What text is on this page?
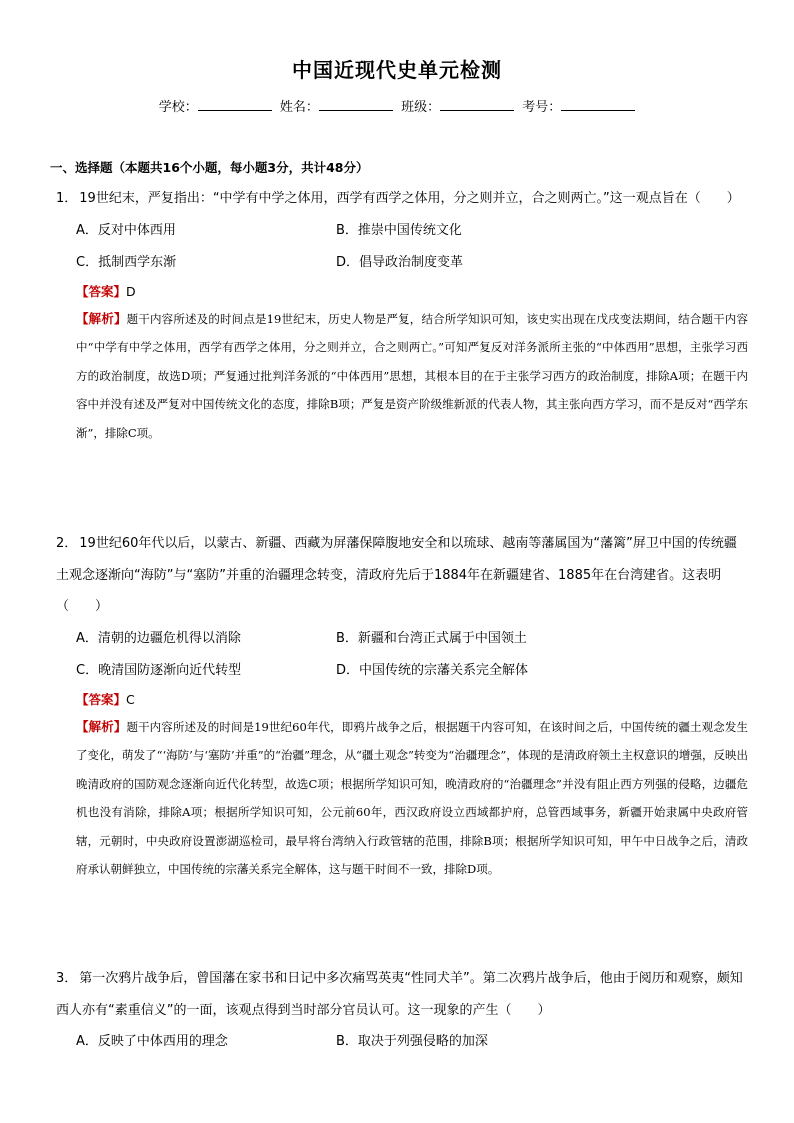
中国近现代史单元检测
学校：	姓名：	班级：	考号：
一、选择题（本题共16个小题，每小题3分，共计48分）
1． 19世纪末，严复指出：“中学有中学之体用，西学有西学之体用，分之则并立，合之则两亡。”这一观点旨在（　　）
A．反对中体西用	B．推崇中国传统文化
C．抵制西学东渐	D．倡导政治制度变革
【答案】D
【解析】题干内容所述及的时间点是19世纪末，历史人物是严复，结合所学知识可知，该史实出现在戊戌变法期间，结合题干内容中“中学有中学之体用，西学有西学之体用，分之则并立，合之则两亡。”可知严复反对洋务派所主张的“中体西用”思想，主张学习西方的政治制度，故选D项；严复通过批判洋务派的“中体西用”思想，其根本目的在于主张学习西方的政治制度，排除A项；在题干内容中并没有述及严复对中国传统文化的态度，排除B项；严复是资产阶级维新派的代表人物，其主张向西方学习，而不是反对“西学东渐”，排除C项。
2． 19世纪60年代以后，以蒙古、新疆、西藏为屏藩保障腹地安全和以琉球、越南等藩属国为“藩篱”屏卫中国的传统疆土观念逐渐向“海防”与“塞防”并重的治疆理念转变，清政府先后于1884年在新疆建省、1885年在台湾建省。这表明（　　）
A．清朝的边疆危机得以消除	B．新疆和台湾正式属于中国领土
C．晚清国防逐渐向近代转型	D．中国传统的宗藩关系完全解体
【答案】C
【解析】题干内容所述及的时间是19世纪60年代，即鸦片战争之后，根据题干内容可知，在该时间之后，中国传统的疆土观念发生了变化，萌发了“‘海防’与‘塞防’并重”的“治疆”理念，从“疆土观念”转变为“治疆理念”，体现的是清政府领土主权意识的增强，反映出晚清政府的国防观念逐渐向近代化转型，故选C项；根据所学知识可知，晚清政府的“治疆理念”并没有阻止西方列强的侵略，边疆危机也没有消除，排除A项；根据所学知识可知，公元前60年，西汉政府设立西域都护府，总管西域事务，新疆开始隶属中央政府管辖，元朝时，中央政府设置澎湖巡检司，最早将台湾纳入行政管辖的范围，排除B项；根据所学知识可知，甲午中日战争之后，清政府承认朝鲜独立，中国传统的宗藩关系完全解体，这与题干时间不一致，排除D项。
3． 第一次鸦片战争后，曾国藩在家书和日记中多次痛骂英夷“性同犬羊”。第二次鸦片战争后，他由于阅历和观察，颇知西人亦有“素重信义”的一面，该观点得到当时部分官员认可。这一现象的产生（　　）
A．反映了中体西用的理念	B．取决于列强侵略的加深
